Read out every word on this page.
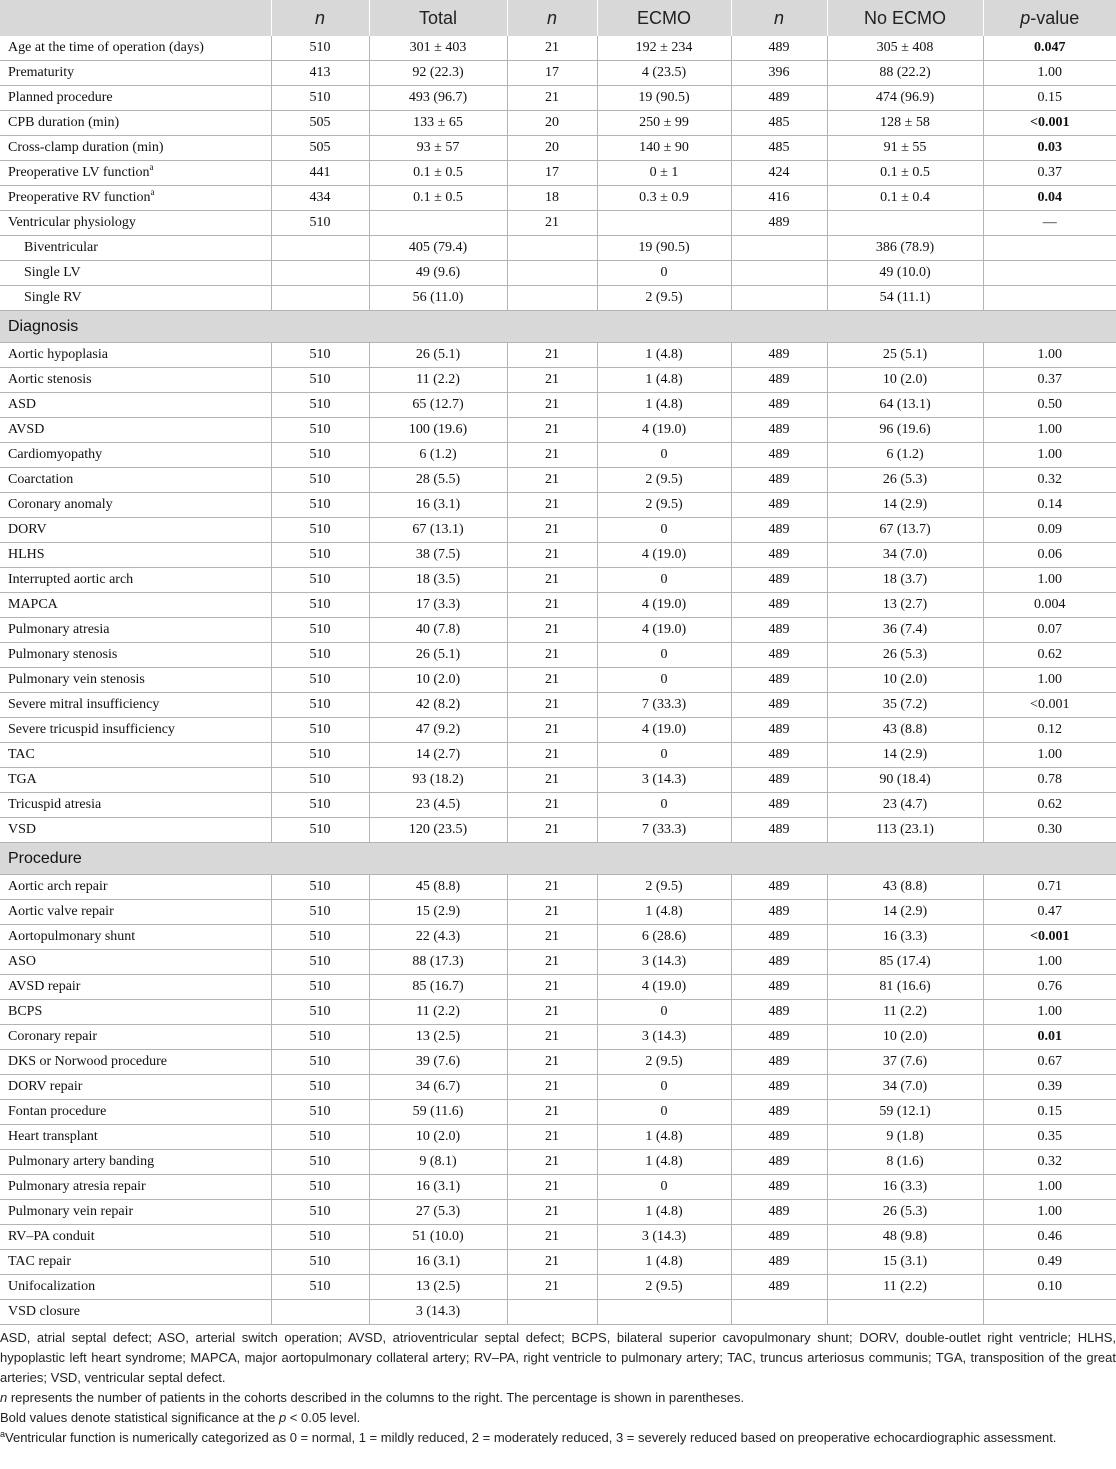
	n	Total	n	ECMO	n	No ECMO	p-value
Age at the time of operation (days)	510	301 ± 403	21	192 ± 234	489	305 ± 408	0.047
Prematurity	413	92 (22.3)	17	4 (23.5)	396	88 (22.2)	1.00
Planned procedure	510	493 (96.7)	21	19 (90.5)	489	474 (96.9)	0.15
CPB duration (min)	505	133 ± 65	20	250 ± 99	485	128 ± 58	<0.001
Cross-clamp duration (min)	505	93 ± 57	20	140 ± 90	485	91 ± 55	0.03
Preoperative LV function$^a$	441	0.1 ± 0.5	17	0 ± 1	424	0.1 ± 0.5	0.37
Preoperative RV function$^a$	434	0.1 ± 0.5	18	0.3 ± 0.9	416	0.1 ± 0.4	0.04
Ventricular physiology	510		21		489		—
Biventricular		405 (79.4)		19 (90.5)		386 (78.9)	
Single LV		49 (9.6)		0		49 (10.0)	
Single RV		56 (11.0)		2 (9.5)		54 (11.1)	
Diagnosis							
Aortic hypoplasia	510	26 (5.1)	21	1 (4.8)	489	25 (5.1)	1.00
Aortic stenosis	510	11 (2.2)	21	1 (4.8)	489	10 (2.0)	0.37
ASD	510	65 (12.7)	21	1 (4.8)	489	64 (13.1)	0.50
AVSD	510	100 (19.6)	21	4 (19.0)	489	96 (19.6)	1.00
Cardiomyopathy	510	6 (1.2)	21	0	489	6 (1.2)	1.00
Coarctation	510	28 (5.5)	21	2 (9.5)	489	26 (5.3)	0.32
Coronary anomaly	510	16 (3.1)	21	2 (9.5)	489	14 (2.9)	0.14
DORV	510	67 (13.1)	21	0	489	67 (13.7)	0.09
HLHS	510	38 (7.5)	21	4 (19.0)	489	34 (7.0)	0.06
Interrupted aortic arch	510	18 (3.5)	21	0	489	18 (3.7)	1.00
MAPCA	510	17 (3.3)	21	4 (19.0)	489	13 (2.7)	0.004
Pulmonary atresia	510	40 (7.8)	21	4 (19.0)	489	36 (7.4)	0.07
Pulmonary stenosis	510	26 (5.1)	21	0	489	26 (5.3)	0.62
Pulmonary vein stenosis	510	10 (2.0)	21	0	489	10 (2.0)	1.00
Severe mitral insufficiency	510	42 (8.2)	21	7 (33.3)	489	35 (7.2)	<0.001
Severe tricuspid insufficiency	510	47 (9.2)	21	4 (19.0)	489	43 (8.8)	0.12
TAC	510	14 (2.7)	21	0	489	14 (2.9)	1.00
TGA	510	93 (18.2)	21	3 (14.3)	489	90 (18.4)	0.78
Tricuspid atresia	510	23 (4.5)	21	0	489	23 (4.7)	0.62
VSD	510	120 (23.5)	21	7 (33.3)	489	113 (23.1)	0.30
Procedure							
Aortic arch repair	510	45 (8.8)	21	2 (9.5)	489	43 (8.8)	0.71
Aortic valve repair	510	15 (2.9)	21	1 (4.8)	489	14 (2.9)	0.47
Aortopulmonary shunt	510	22 (4.3)	21	6 (28.6)	489	16 (3.3)	<0.001
ASO	510	88 (17.3)	21	3 (14.3)	489	85 (17.4)	1.00
AVSD repair	510	85 (16.7)	21	4 (19.0)	489	81 (16.6)	0.76
BCPS	510	11 (2.2)	21	0	489	11 (2.2)	1.00
Coronary repair	510	13 (2.5)	21	3 (14.3)	489	10 (2.0)	0.01
DKS or Norwood procedure	510	39 (7.6)	21	2 (9.5)	489	37 (7.6)	0.67
DORV repair	510	34 (6.7)	21	0	489	34 (7.0)	0.39
Fontan procedure	510	59 (11.6)	21	0	489	59 (12.1)	0.15
Heart transplant	510	10 (2.0)	21	1 (4.8)	489	9 (1.8)	0.35
Pulmonary artery banding	510	9 (8.1)	21	1 (4.8)	489	8 (1.6)	0.32
Pulmonary atresia repair	510	16 (3.1)	21	0	489	16 (3.3)	1.00
Pulmonary vein repair	510	27 (5.3)	21	1 (4.8)	489	26 (5.3)	1.00
RV–PA conduit	510	51 (10.0)	21	3 (14.3)	489	48 (9.8)	0.46
TAC repair	510	16 (3.1)	21	1 (4.8)	489	15 (3.1)	0.49
Unifocalization	510	13 (2.5)	21	2 (9.5)	489	11 (2.2)	0.10
VSD closure		3 (14.3)					

ASD, atrial septal defect; ASO, arterial switch operation; AVSD, atrioventricular septal defect; BCPS, bilateral superior cavopulmonary shunt; DORV, double-outlet right ventricle; HLHS, hypoplastic left heart syndrome; MAPCA, major aortopulmonary collateral artery; RV–PA, right ventricle to pulmonary artery; TAC, truncus arteriosus communis; TGA, transposition of the great arteries; VSD, ventricular septal defect.

n represents the number of patients in the cohorts described in the columns to the right. The percentage is shown in parentheses.

Bold values denote statistical significance at the p < 0.05 level.

$^a$Ventricular function is numerically categorized as 0 = normal, 1 = mildly reduced, 2 = moderately reduced, 3 = severely reduced based on preoperative echocardiographic assessment.
